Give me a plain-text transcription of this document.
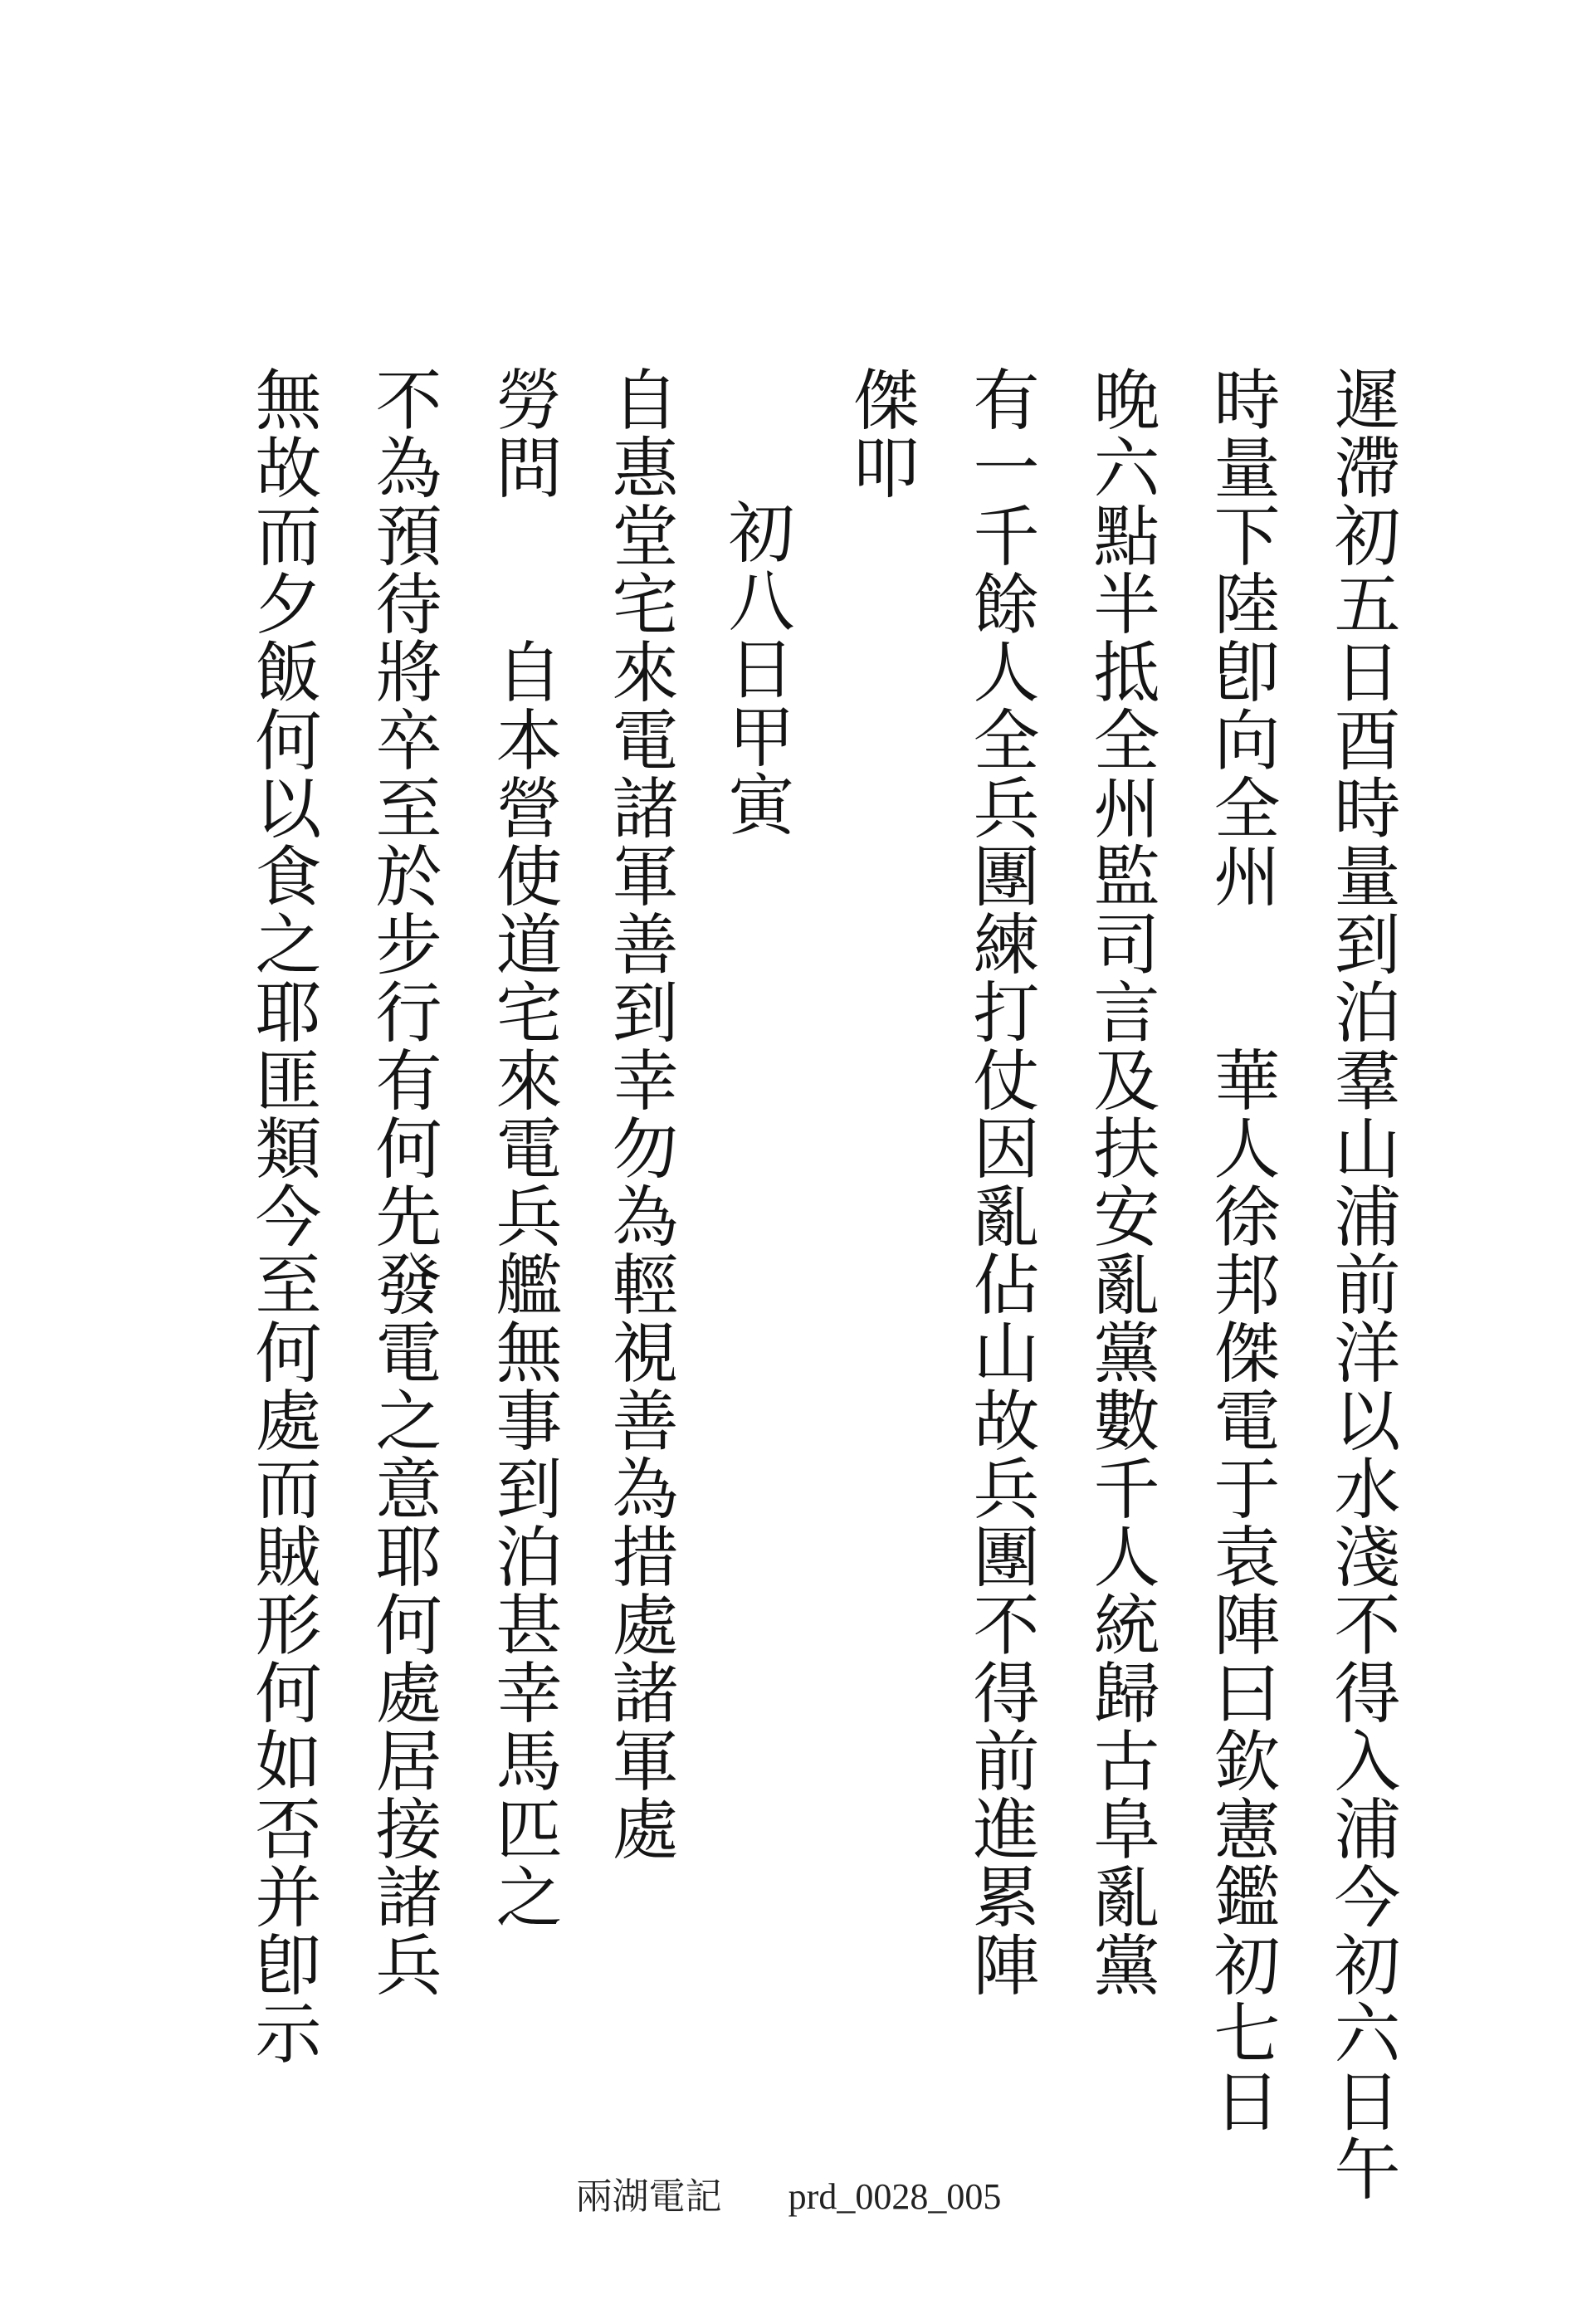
遲滯初五日酉時量到泊羣山浦前洋以水淺不得入浦今初六日午
時量下陸卽向全州　　華人徐邦傑電于袁陣曰欽憲鑑初七日
晚六點半抵全州監司言及扶安亂黨數千人統歸古阜亂黨
有一千餘人全兵團練打仗因亂佔山故兵團不得前進累陣
傑叩
初八日甲寅
自惠堂宅來電諸軍善到幸勿為輕視善為措處諸軍處
勞問　　自本營使道宅來電兵艦無事到泊甚幸馬匹之
不為預待將卒至於步行有何先發電之意耶何處居接諸兵
無故而夕飯何以食之耶匪類今至何處而賊形何如否并卽示
兩湖電記 prd_0028_005
